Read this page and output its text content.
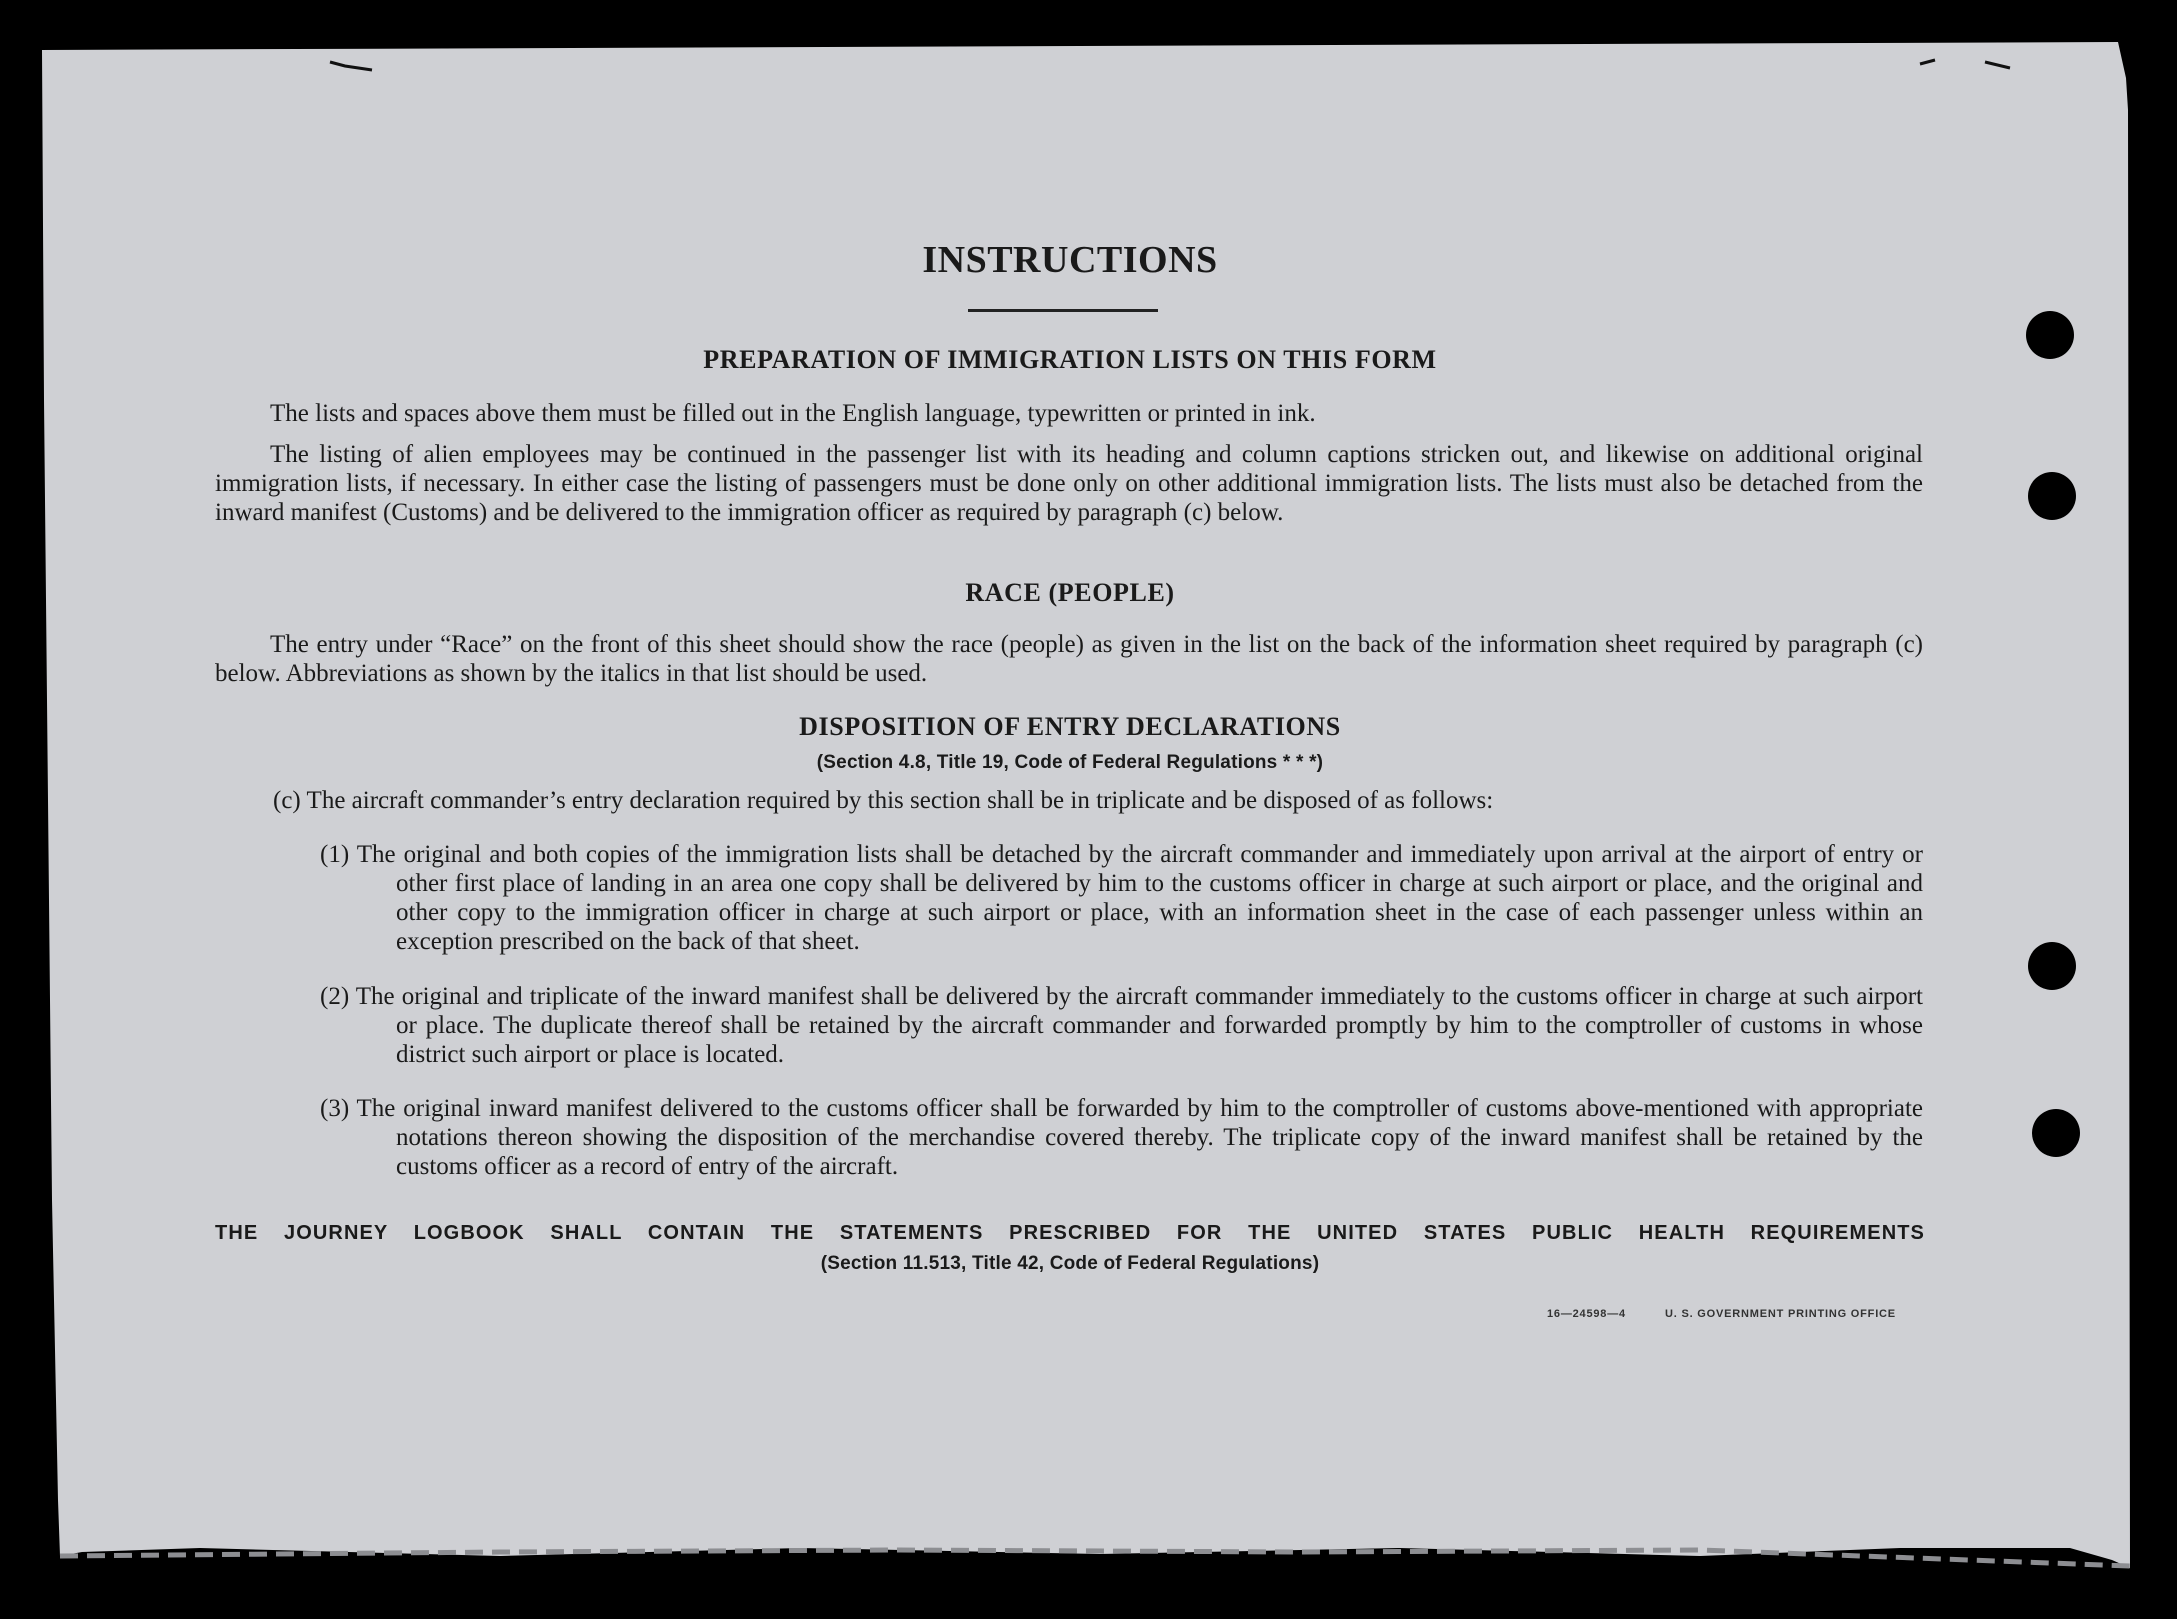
INSTRUCTIONS
PREPARATION OF IMMIGRATION LISTS ON THIS FORM
The lists and spaces above them must be filled out in the English language, typewritten or printed in ink.
The listing of alien employees may be continued in the passenger list with its heading and column captions stricken out, and likewise on additional original immigration lists, if necessary. In either case the listing of passengers must be done only on other additional immigration lists. The lists must also be detached from the inward manifest (Customs) and be delivered to the immigration officer as required by paragraph (c) below.
RACE (PEOPLE)
The entry under “Race” on the front of this sheet should show the race (people) as given in the list on the back of the information sheet required by paragraph (c) below. Abbreviations as shown by the italics in that list should be used.
DISPOSITION OF ENTRY DECLARATIONS
(Section 4.8, Title 19, Code of Federal Regulations * * *)
(c) The aircraft commander’s entry declaration required by this section shall be in triplicate and be disposed of as follows:
(1) The original and both copies of the immigration lists shall be detached by the aircraft commander and immediately upon arrival at the airport of entry or other first place of landing in an area one copy shall be delivered by him to the customs officer in charge at such airport or place, and the original and other copy to the immigration officer in charge at such airport or place, with an information sheet in the case of each passenger unless within an exception prescribed on the back of that sheet.
(2) The original and triplicate of the inward manifest shall be delivered by the aircraft commander immediately to the customs officer in charge at such airport or place. The duplicate thereof shall be retained by the aircraft commander and forwarded promptly by him to the comptroller of customs in whose district such airport or place is located.
(3) The original inward manifest delivered to the customs officer shall be forwarded by him to the comptroller of customs above-mentioned with appropriate notations thereon showing the disposition of the merchandise covered thereby. The triplicate copy of the inward manifest shall be retained by the customs officer as a record of entry of the aircraft.
THE JOURNEY LOGBOOK SHALL CONTAIN THE STATEMENTS PRESCRIBED FOR THE UNITED STATES PUBLIC HEALTH REQUIREMENTS
(Section 11.513, Title 42, Code of Federal Regulations)
16—24598—4	U. S. GOVERNMENT PRINTING OFFICE
